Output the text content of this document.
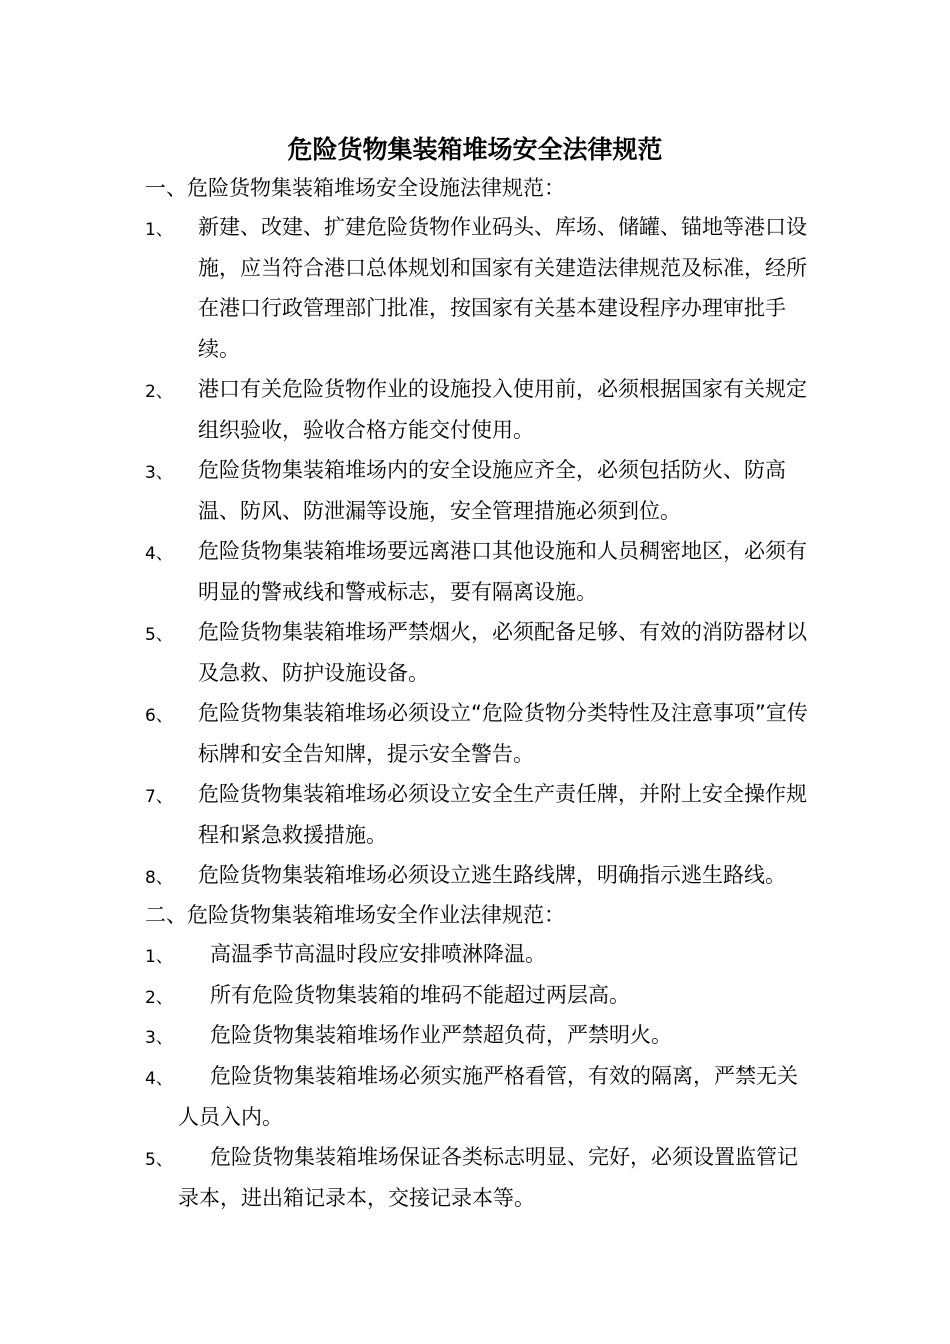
危险货物集装箱堆场安全法律规范
一、危险货物集装箱堆场安全设施法律规范：
1、 新建、改建、扩建危险货物作业码头、库场、储罐、锚地等港口设施，应当符合港口总体规划和国家有关建造法律规范及标准，经所在港口行政管理部门批准，按国家有关基本建设程序办理审批手续。
2、 港口有关危险货物作业的设施投入使用前，必须根据国家有关规定组织验收，验收合格方能交付使用。
3、 危险货物集装箱堆场内的安全设施应齐全，必须包括防火、防高温、防风、防泄漏等设施，安全管理措施必须到位。
4、 危险货物集装箱堆场要远离港口其他设施和人员稠密地区，必须有明显的警戒线和警戒标志，要有隔离设施。
5、 危险货物集装箱堆场严禁烟火，必须配备足够、有效的消防器材以及急救、防护设施设备。
6、 危险货物集装箱堆场必须设立“危险货物分类特性及注意事项”宣传标牌和安全告知牌，提示安全警告。
7、 危险货物集装箱堆场必须设立安全生产责任牌，并附上安全操作规程和紧急救援措施。
8、 危险货物集装箱堆场必须设立逃生路线牌，明确指示逃生路线。
二、危险货物集装箱堆场安全作业法律规范：
1、 高温季节高温时段应安排喷淋降温。
2、 所有危险货物集装箱的堆码不能超过两层高。
3、 危险货物集装箱堆场作业严禁超负荷，严禁明火。
4、	危险货物集装箱堆场必须实施严格看管，有效的隔离，严禁无关人员入内。
5、	危险货物集装箱堆场保证各类标志明显、完好，必须设置监管记录本，进出箱记录本，交接记录本等。
